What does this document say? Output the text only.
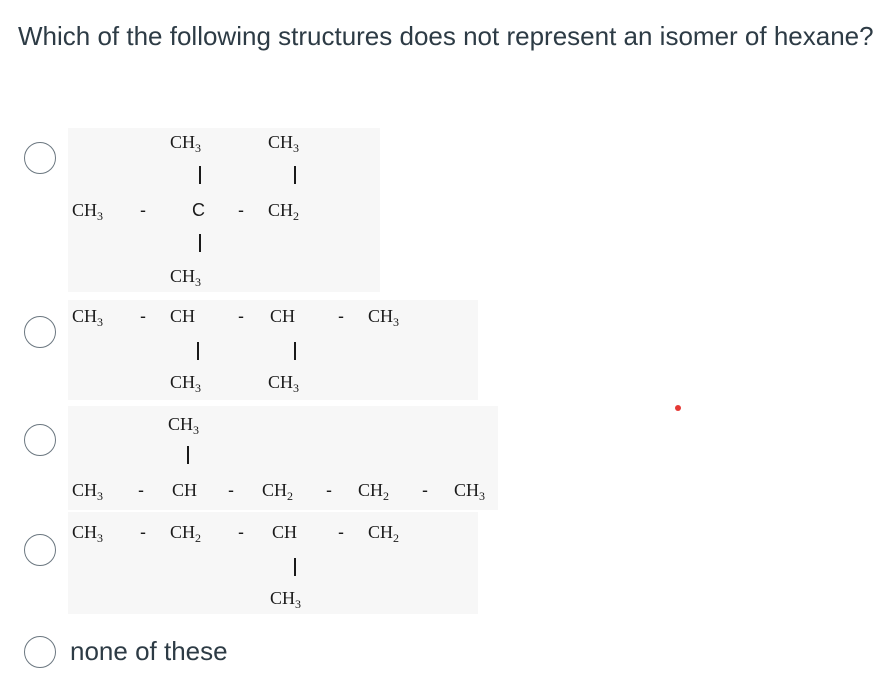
Which of the following structures does not represent an isomer of hexane?
$CH_3$	$CH_3$
$CH_3$ -	C - $CH_2$
$CH_3$
$CH_3$ - CH - CH - $CH_3$
$CH_3$	$CH_3$
$CH_3$
$CH_3$ - CH - $CH_2 - CH_2 - CH_3$
$CH_3 - CH_2$ - CH - $CH_2$
$CH_3$
none of these
